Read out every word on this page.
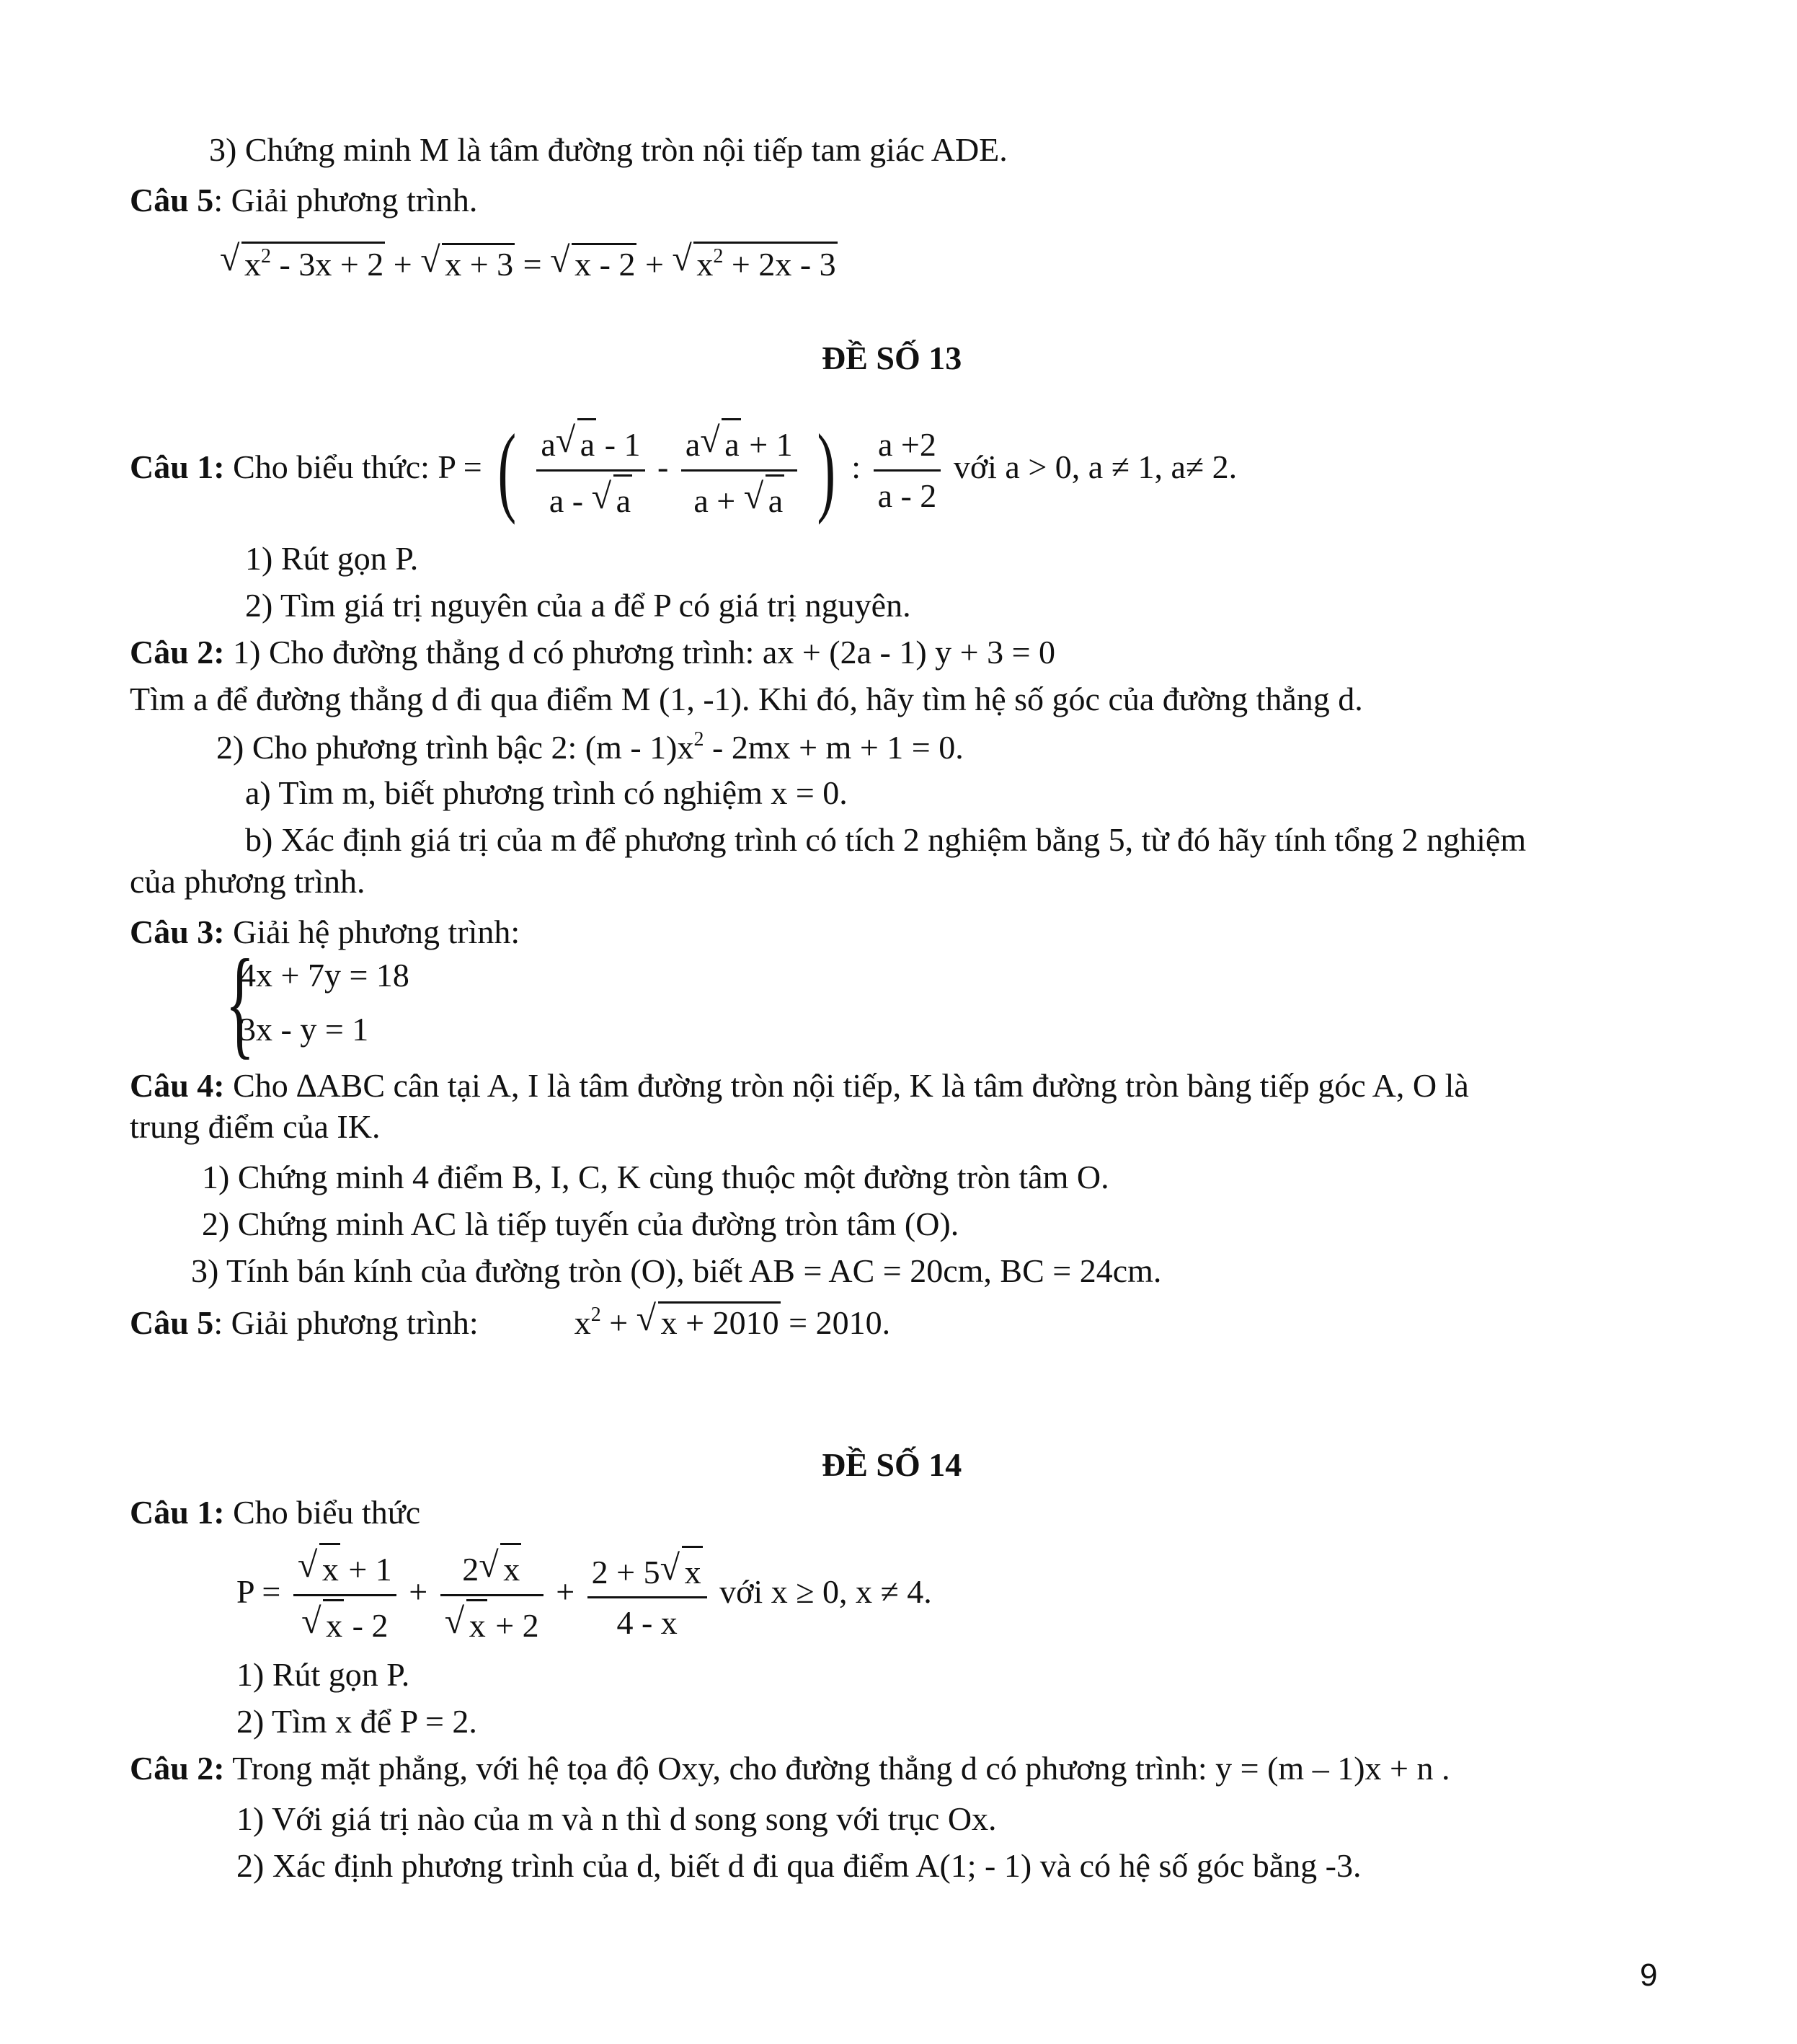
3) Chứng minh M là tâm đường tròn nội tiếp tam giác ADE.
Câu 5: Giải phương trình.
√ $x^2 - 3x + 2$ + √ x + 3 = √ x - 2 + √ $x^2 + 2x - 3$
ĐỀ SỐ 13
Câu 1: Cho biểu thức: P = ( $\frac{a √ a - 1}{a - √ a} - \frac{a √ a + 1}{a + √ a}$ ) : $\frac{a +2}{a - 2}$ với a > 0, a ≠ 1, a≠ 2.
1) Rút gọn P.
2) Tìm giá trị nguyên của a để P có giá trị nguyên.
Câu 2: 1) Cho đường thẳng d có phương trình: ax + (2a - 1) y + 3 = 0
Tìm a để đường thẳng d đi qua điểm M (1, -1). Khi đó, hãy tìm hệ số góc của đường thẳng d.
2) Cho phương trình bậc 2: $(m - 1)x^2 - 2mx + m + 1 = 0$.
a) Tìm m, biết phương trình có nghiệm x = 0.
b) Xác định giá trị của m để phương trình có tích 2 nghiệm bằng 5, từ đó hãy tính tổng 2 nghiệm
của phương trình.
Câu 3: Giải hệ phương trình:
{
4x + 7y = 18
3x - y = 1
Câu 4: Cho ∆ABC cân tại A, I là tâm đường tròn nội tiếp, K là tâm đường tròn bàng tiếp góc A, O là
trung điểm của IK.
1) Chứng minh 4 điểm B, I, C, K cùng thuộc một đường tròn tâm O.
2) Chứng minh AC là tiếp tuyến của đường tròn tâm (O).
3) Tính bán kính của đường tròn (O), biết AB = AC = 20cm, BC = 24cm.
Câu 5: Giải phương trình:	$x^2$ + √ x + 2010 = 2010.
ĐỀ SỐ 14
Câu 1: Cho biểu thức
P = √ x + 1
√ x - 2 + 2 √ x
√ $x + 2 + \frac{2 + 5 √ x}{4 - x}$ với x ≥ 0, x ≠ 4.
1) Rút gọn P.
2) Tìm x để P = 2.
Câu 2: Trong mặt phẳng, với hệ tọa độ Oxy, cho đường thẳng d có phương trình: y = (m – 1)x + n .
1) Với giá trị nào của m và n thì d song song với trục Ox.
2) Xác định phương trình của d, biết d đi qua điểm A(1; - 1) và có hệ số góc bằng -3.
9
